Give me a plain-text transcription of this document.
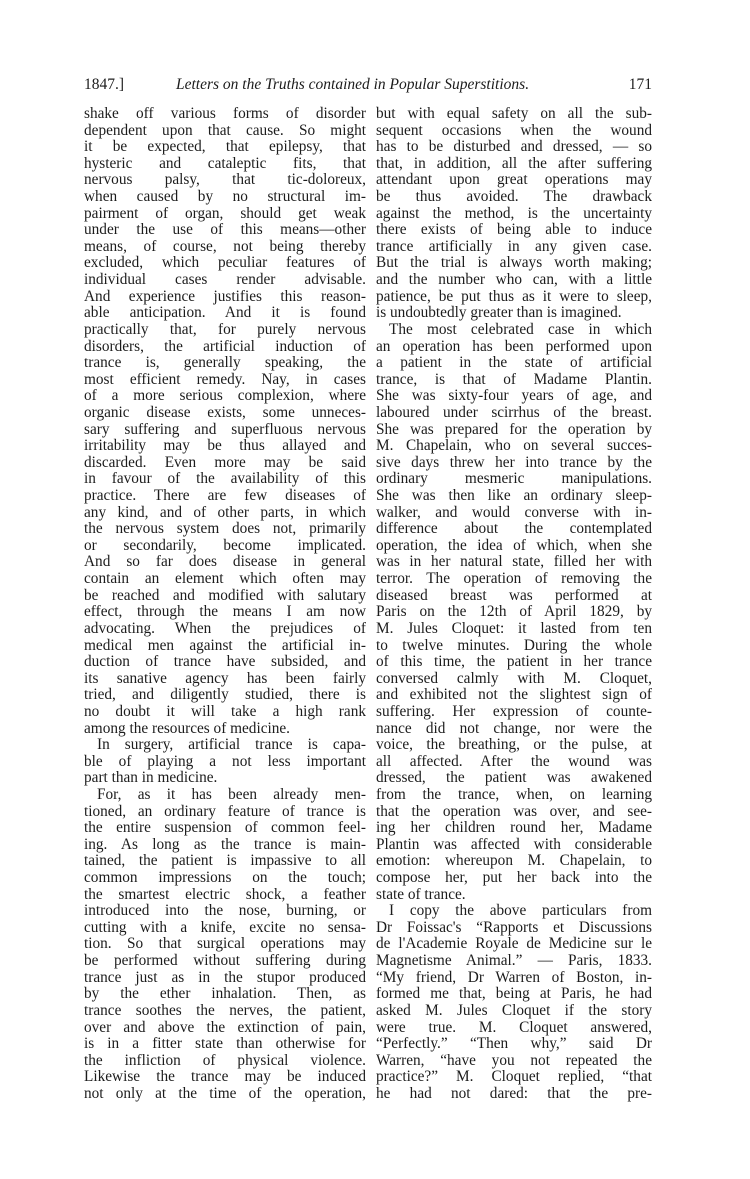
1847.]	Letters on the Truths contained in Popular Superstitions.	171
shake off various forms of disorder
dependent upon that cause. So might
it be expected, that epilepsy, that
hysteric and cataleptic fits, that
nervous palsy, that tic-doloreux,
when caused by no structural im-
pairment of organ, should get weak
under the use of this means—other
means, of course, not being thereby
excluded, which peculiar features of
individual cases render advisable.
And experience justifies this reason-
able anticipation. And it is found
practically that, for purely nervous
disorders, the artificial induction of
trance is, generally speaking, the
most efficient remedy. Nay, in cases
of a more serious complexion, where
organic disease exists, some unneces-
sary suffering and superfluous nervous
irritability may be thus allayed and
discarded. Even more may be said
in favour of the availability of this
practice. There are few diseases of
any kind, and of other parts, in which
the nervous system does not, primarily
or secondarily, become implicated.
And so far does disease in general
contain an element which often may
be reached and modified with salutary
effect, through the means I am now
advocating. When the prejudices of
medical men against the artificial in-
duction of trance have subsided, and
its sanative agency has been fairly
tried, and diligently studied, there is
no doubt it will take a high rank
among the resources of medicine.
In surgery, artificial trance is capa-
ble of playing a not less important
part than in medicine.
For, as it has been already men-
tioned, an ordinary feature of trance is
the entire suspension of common feel-
ing. As long as the trance is main-
tained, the patient is impassive to all
common impressions on the touch;
the smartest electric shock, a feather
introduced into the nose, burning, or
cutting with a knife, excite no sensa-
tion. So that surgical operations may
be performed without suffering during
trance just as in the stupor produced
by the ether inhalation. Then, as
trance soothes the nerves, the patient,
over and above the extinction of pain,
is in a fitter state than otherwise for
the infliction of physical violence.
Likewise the trance may be induced
not only at the time of the operation,
but with equal safety on all the sub-
sequent occasions when the wound
has to be disturbed and dressed, — so
that, in addition, all the after suffering
attendant upon great operations may
be thus avoided. The drawback
against the method, is the uncertainty
there exists of being able to induce
trance artificially in any given case.
But the trial is always worth making;
and the number who can, with a little
patience, be put thus as it were to sleep,
is undoubtedly greater than is imagined.
The most celebrated case in which
an operation has been performed upon
a patient in the state of artificial
trance, is that of Madame Plantin.
She was sixty-four years of age, and
laboured under scirrhus of the breast.
She was prepared for the operation by
M. Chapelain, who on several succes-
sive days threw her into trance by the
ordinary mesmeric manipulations.
She was then like an ordinary sleep-
walker, and would converse with in-
difference about the contemplated
operation, the idea of which, when she
was in her natural state, filled her with
terror. The operation of removing the
diseased breast was performed at
Paris on the 12th of April 1829, by
M. Jules Cloquet: it lasted from ten
to twelve minutes. During the whole
of this time, the patient in her trance
conversed calmly with M. Cloquet,
and exhibited not the slightest sign of
suffering. Her expression of counte-
nance did not change, nor were the
voice, the breathing, or the pulse, at
all affected. After the wound was
dressed, the patient was awakened
from the trance, when, on learning
that the operation was over, and see-
ing her children round her, Madame
Plantin was affected with considerable
emotion: whereupon M. Chapelain, to
compose her, put her back into the
state of trance.
I copy the above particulars from
Dr Foissac's “Rapports et Discussions
de l'Academie Royale de Medicine sur le
Magnetisme Animal.” — Paris, 1833.
“My friend, Dr Warren of Boston, in-
formed me that, being at Paris, he had
asked M. Jules Cloquet if the story
were true. M. Cloquet answered,
“Perfectly.” “Then why,” said Dr
Warren, “have you not repeated the
practice?” M. Cloquet replied, “that
he had not dared: that the pre-
